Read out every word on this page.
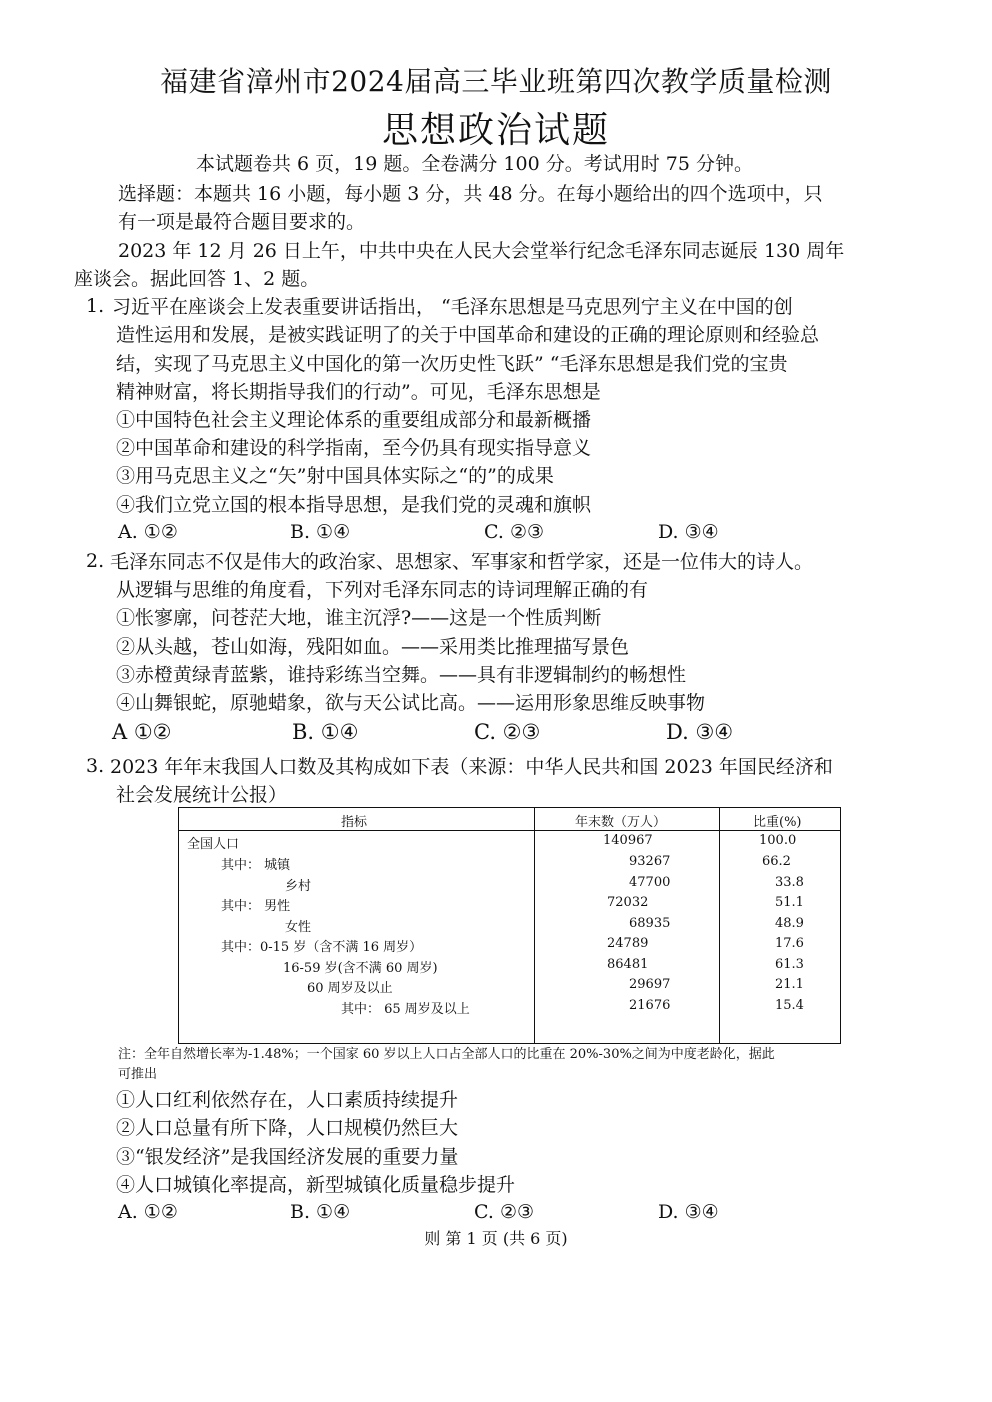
福建省漳州市2024届高三毕业班第四次教学质量检测
思想政治试题
本试题卷共 6 页，19 题。全卷满分 100 分。考试用时 75 分钟。
选择题：本题共 16 小题，每小题 3 分，共 48 分。在每小题给出的四个选项中，只
有一项是最符合题目要求的。
2023 年 12 月 26 日上午，中共中央在人民大会堂举行纪念毛泽东同志诞辰 130 周年
座谈会。据此回答 1、2 题。
1. 习近平在座谈会上发表重要讲话指出， “毛泽东思想是马克思列宁主义在中国的创
造性运用和发展，是被实践证明了的关于中国革命和建设的正确的理论原则和经验总
结，实现了马克思主义中国化的第一次历史性飞跃” “毛泽东思想是我们党的宝贵
精神财富，将长期指导我们的行动”。可见，毛泽东思想是
①中国特色社会主义理论体系的重要组成部分和最新概播
②中国革命和建设的科学指南，至今仍具有现实指导意义
③用马克思主义之“矢”射中国具体实际之“的”的成果
④我们立党立国的根本指导思想，是我们党的灵魂和旗帜
A. ①②	B. ①④	C. ②③	D. ③④
2. 毛泽东同志不仅是伟大的政治家、思想家、军事家和哲学家，还是一位伟大的诗人。
从逻辑与思维的角度看，下列对毛泽东同志的诗词理解正确的有
①怅寥廓，问苍茫大地，谁主沉浮?——这是一个性质判断
②从头越，苍山如海，残阳如血。——采用类比推理描写景色
③赤橙黄绿青蓝紫，谁持彩练当空舞。——具有非逻辑制约的畅想性
④山舞银蛇，原驰蜡象，欲与天公试比高。——运用形象思维反映事物
A ①②	B. ①④	C. ②③	D. ③④
3. 2023 年年末我国人口数及其构成如下表（来源：中华人民共和国 2023 年国民经济和
社会发展统计公报）
指标	年末数（万人）	比重(%)
全国人口	140967	100.0
其中： 城镇	93267	66.2
乡村	47700	33.8
其中： 男性	72032	51.1
女性	68935	48.9
其中：0-15 岁（含不满 16 周岁）	24789	17.6
16-59 岁(含不满 60 周岁)	86481	61.3
60 周岁及以止	29697	21.1
其中： 65 周岁及以上	21676	15.4
注：全年自然增长率为-1.48%；一个国家 60 岁以上人口占全部人口的比重在 20%-30%之间为中度老龄化，据此
可推出
①人口红利依然存在，人口素质持续提升
②人口总量有所下降，人口规模仍然巨大
③“银发经济”是我国经济发展的重要力量
④人口城镇化率提高，新型城镇化质量稳步提升
A. ①②	B. ①④	C. ②③	D. ③④
则 第 1 页 (共 6 页)
